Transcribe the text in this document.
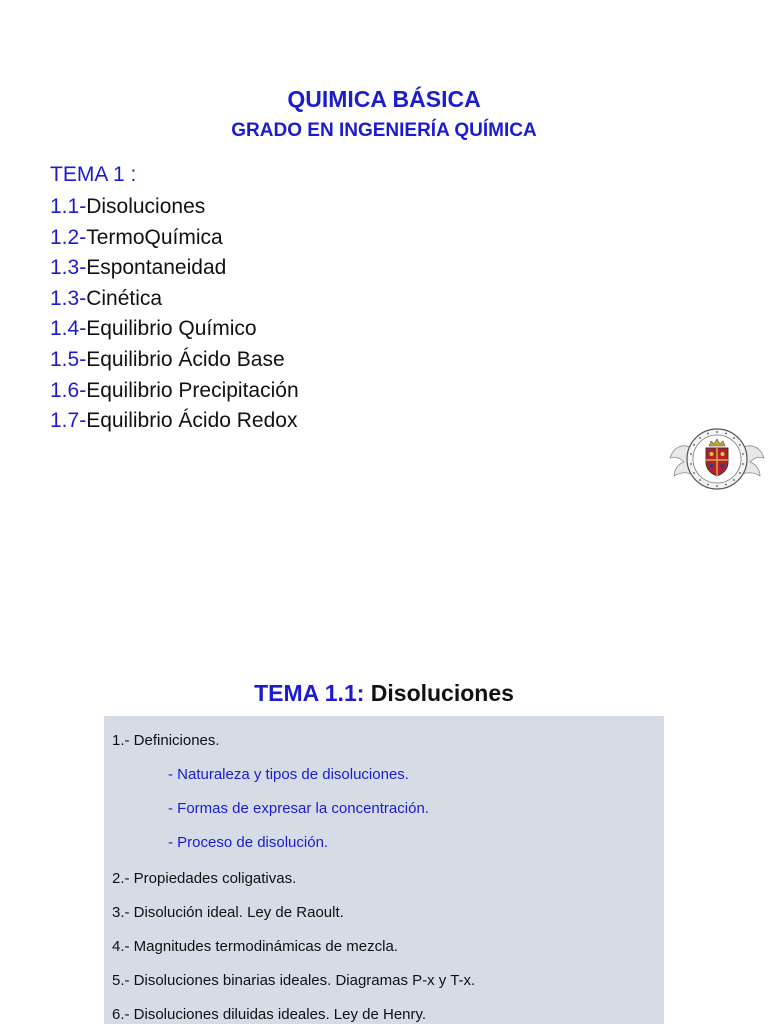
QUIMICA BÁSICA
GRADO EN INGENIERÍA QUÍMICA
TEMA 1 :
1.1-Disoluciones
1.2-TermoQuímica
1.3-Espontaneidad
1.3-Cinética
1.4-Equilibrio Químico
1.5-Equilibrio Ácido Base
1.6-Equilibrio Precipitación
1.7-Equilibrio Ácido Redox
TEMA 1.1: Disoluciones
1.- Definiciones.
- Naturaleza y tipos de disoluciones.
- Formas de expresar la concentración.
- Proceso de disolución.
2.- Propiedades coligativas.
3.- Disolución ideal. Ley de Raoult.
4.- Magnitudes termodinámicas de mezcla.
5.- Disoluciones binarias ideales. Diagramas P-x y T-x.
6.- Disoluciones diluidas ideales. Ley de Henry.
